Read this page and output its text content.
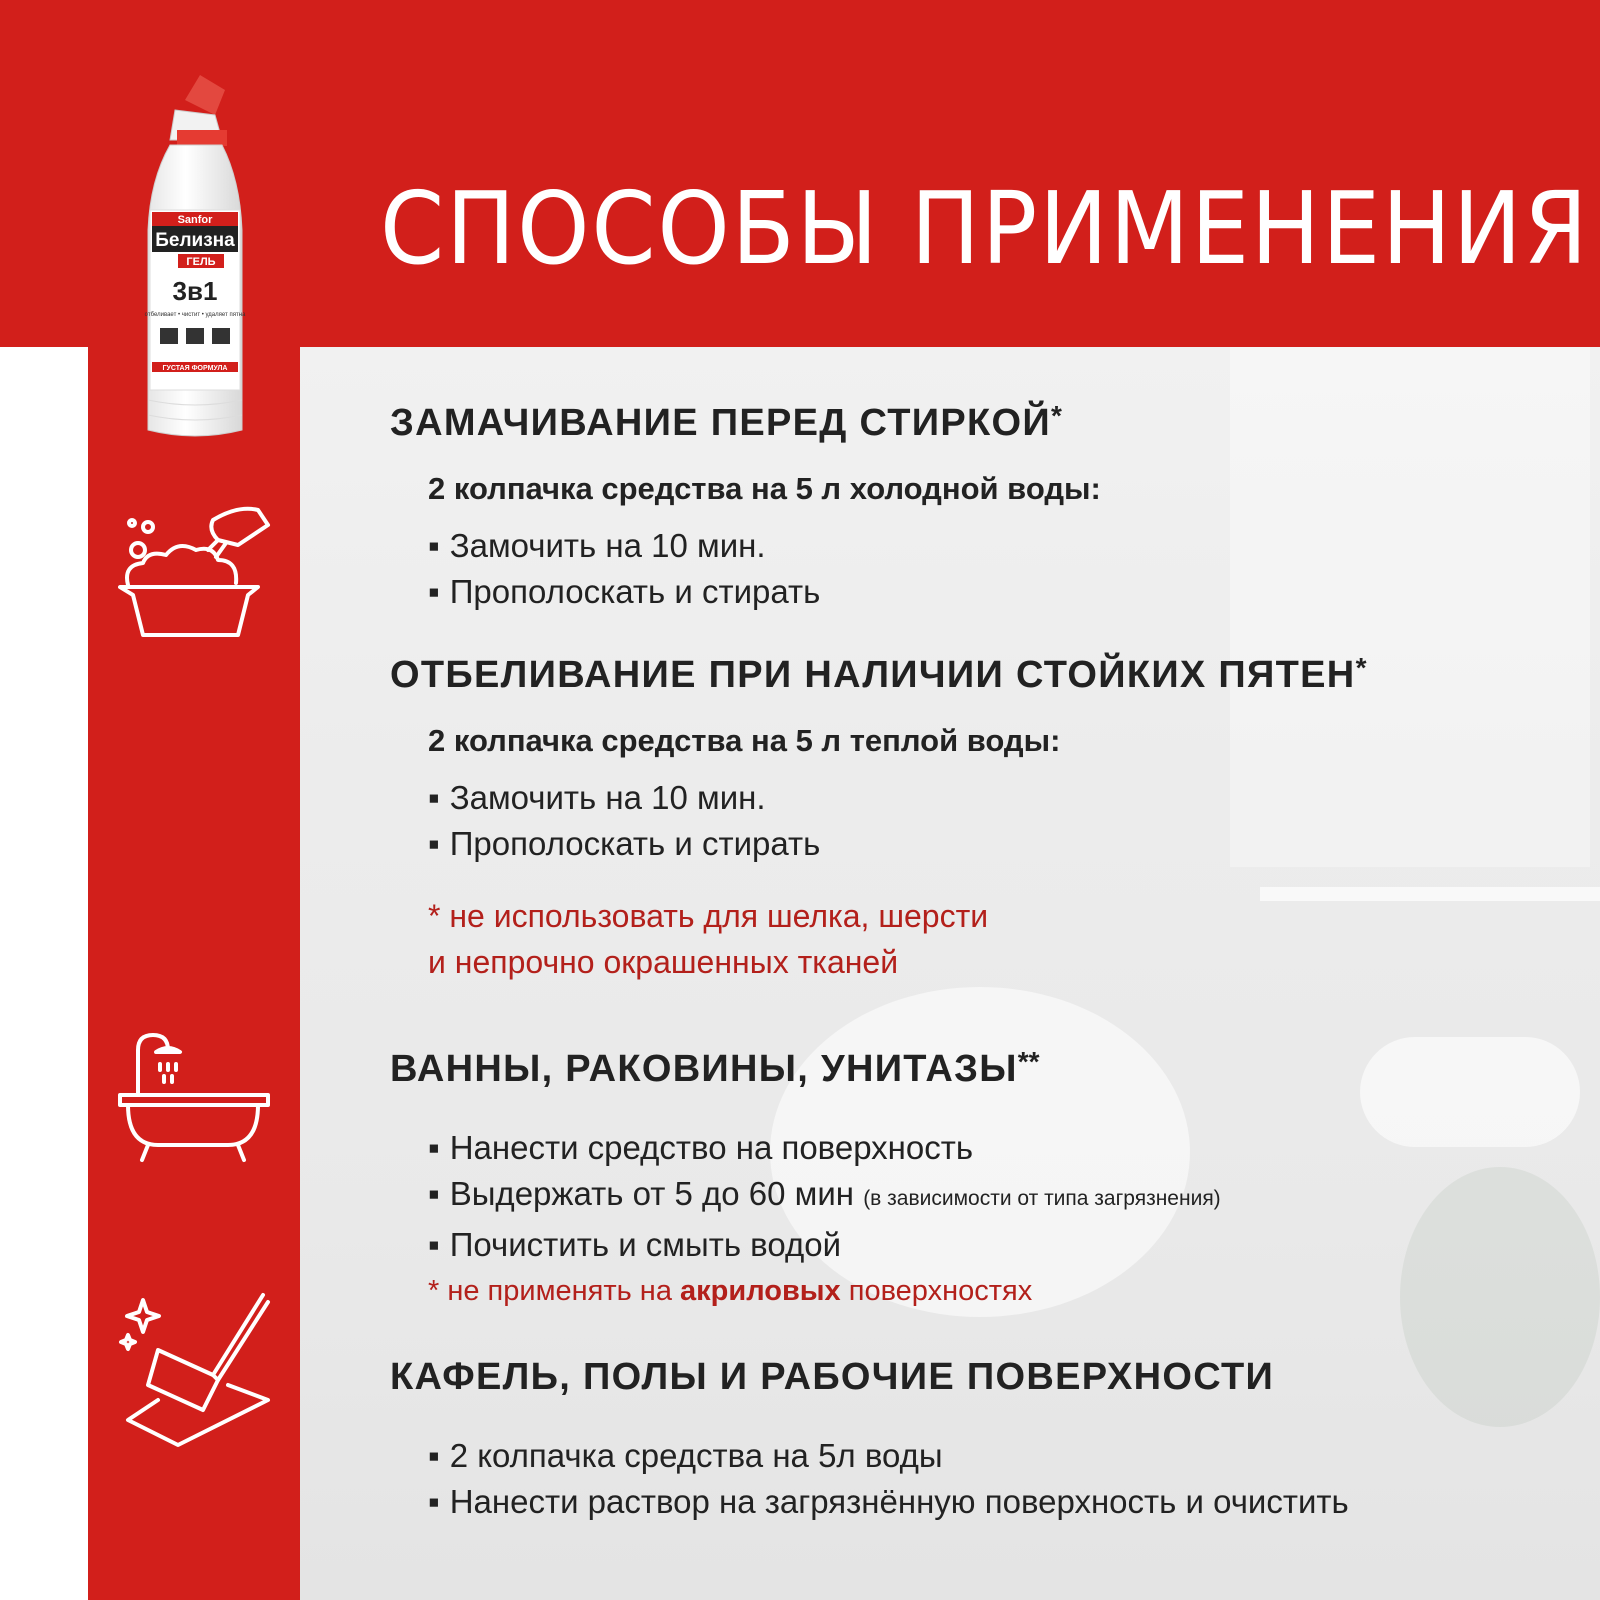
СПОСОБЫ ПРИМЕНЕНИЯ
Sanfor
Белизна
ГЕЛЬ
3в1
отбеливает • чистит • удаляет пятна
ГУСТАЯ ФОРМУЛА
ЗАМАЧИВАНИЕ ПЕРЕД СТИРКОЙ*
2 колпачка средства на 5 л холодной воды:
▪ Замочить на 10 мин.
▪ Прополоскать и стирать
ОТБЕЛИВАНИЕ ПРИ НАЛИЧИИ СТОЙКИХ ПЯТЕН*
2 колпачка средства на 5 л теплой воды:
▪ Замочить на 10 мин.
▪ Прополоскать и стирать
* не использовать для шелка, шерсти
и непрочно окрашенных тканей
ВАННЫ, РАКОВИНЫ, УНИТАЗЫ**
▪ Нанести средство на поверхность
▪ Выдержать от 5 до 60 мин (в зависимости от типа загрязнения)
▪ Почистить и смыть водой
* не применять на акриловых поверхностях
КАФЕЛЬ, ПОЛЫ И РАБОЧИЕ ПОВЕРХНОСТИ
▪ 2 колпачка средства на 5л воды
▪ Нанести раствор на загрязнённую поверхность и очистить
